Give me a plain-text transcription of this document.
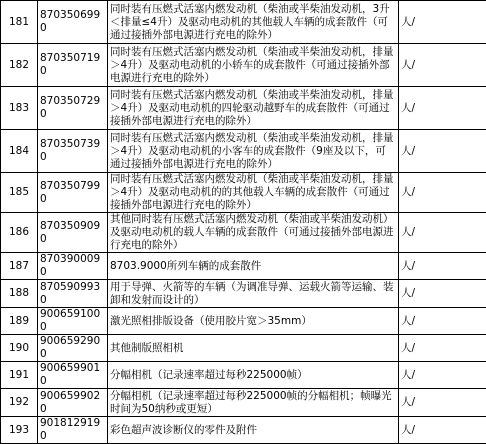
181	8703506990	同时装有压燃式活塞内燃发动机（柴油或半柴油发动机，3升＜排量≤4升）及驱动电动机的其他载人车辆的成套散件（可通过接插外部电源进行充电的除外）	人/
182	8703507190	同时装有压燃式活塞内燃发动机（柴油或半柴油发动机，排量＞4升）及驱动电动机的小轿车的成套散件（可通过接插外部电源进行充电的除外）	人/
183	8703507290	同时装有压燃式活塞内燃发动机（柴油或半柴油发动机，排量＞4升）及驱动电动机的四轮驱动越野车的成套散件（可通过接插外部电源进行充电的除外）	人/
184	8703507390	同时装有压燃式活塞内燃发动机（柴油或半柴油发动机，排量＞4升）及驱动电动机的小客车的成套散件（9座及以下，可通过接插外部电源进行充电的除外）	人/
185	8703507990	同时装有压燃式活塞内燃发动机（柴油或半柴油发动机，排量＞4升）及驱动电动机的的其他载人车辆的成套散件（可通过接插外部电源进行充电的除外）	人/
186	8703509090	其他同时装有压燃式活塞内燃发动机（柴油或半柴油发动机）及驱动电动机的载人车辆的成套散件（可通过接插外部电源进行充电的除外）	人/
187	8703900090	8703.9000所列车辆的成套散件	人/
188	8705909930	用于导弹、火箭等的车辆（为调准导弹、运载火箭等运输、装卸和发射而设计的）	人/
189	9006591000	激光照相排版设备（使用胶片宽＞35mm）	人/
190	9006592900	其他制版照相机	人/
191	9006599010	分幅相机（记录速率超过每秒225000帧）	人/
192	9006599020	分幅相机（记录速率超过每秒225000帧的分幅相机；帧曝光时间为50纳秒或更短）	人/
193	9018129190	彩色超声波诊断仪的零件及附件	人/
